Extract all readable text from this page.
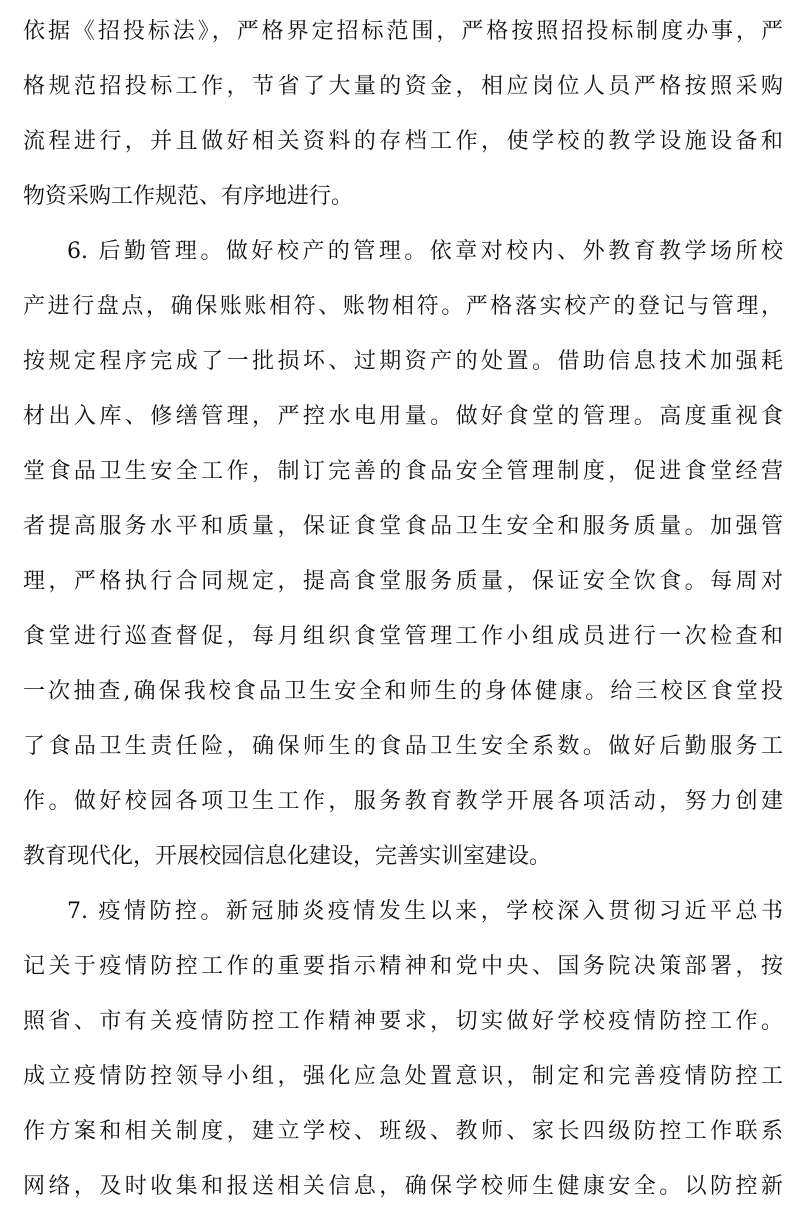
依据《招投标法》，严格界定招标范围，严格按照招投标制度办事，严
格规范招投标工作，节省了大量的资金，相应岗位人员严格按照采购
流程进行，并且做好相关资料的存档工作，使学校的教学设施设备和
物资采购工作规范、有序地进行。
6. 后勤管理。做好校产的管理。依章对校内、外教育教学场所校
产进行盘点，确保账账相符、账物相符。严格落实校产的登记与管理，
按规定程序完成了一批损坏、过期资产的处置。借助信息技术加强耗
材出入库、修缮管理，严控水电用量。做好食堂的管理。高度重视食
堂食品卫生安全工作，制订完善的食品安全管理制度，促进食堂经营
者提高服务水平和质量，保证食堂食品卫生安全和服务质量。加强管
理，严格执行合同规定，提高食堂服务质量，保证安全饮食。每周对
食堂进行巡查督促，每月组织食堂管理工作小组成员进行一次检查和
一次抽查,确保我校食品卫生安全和师生的身体健康。给三校区食堂投
了食品卫生责任险，确保师生的食品卫生安全系数。做好后勤服务工
作。做好校园各项卫生工作，服务教育教学开展各项活动，努力创建
教育现代化，开展校园信息化建设，完善实训室建设。
7. 疫情防控。新冠肺炎疫情发生以来，学校深入贯彻习近平总书
记关于疫情防控工作的重要指示精神和党中央、国务院决策部署，按
照省、市有关疫情防控工作精神要求，切实做好学校疫情防控工作。
成立疫情防控领导小组，强化应急处置意识，制定和完善疫情防控工
作方案和相关制度，建立学校、班级、教师、家长四级防控工作联系
网络，及时收集和报送相关信息，确保学校师生健康安全。以防控新
